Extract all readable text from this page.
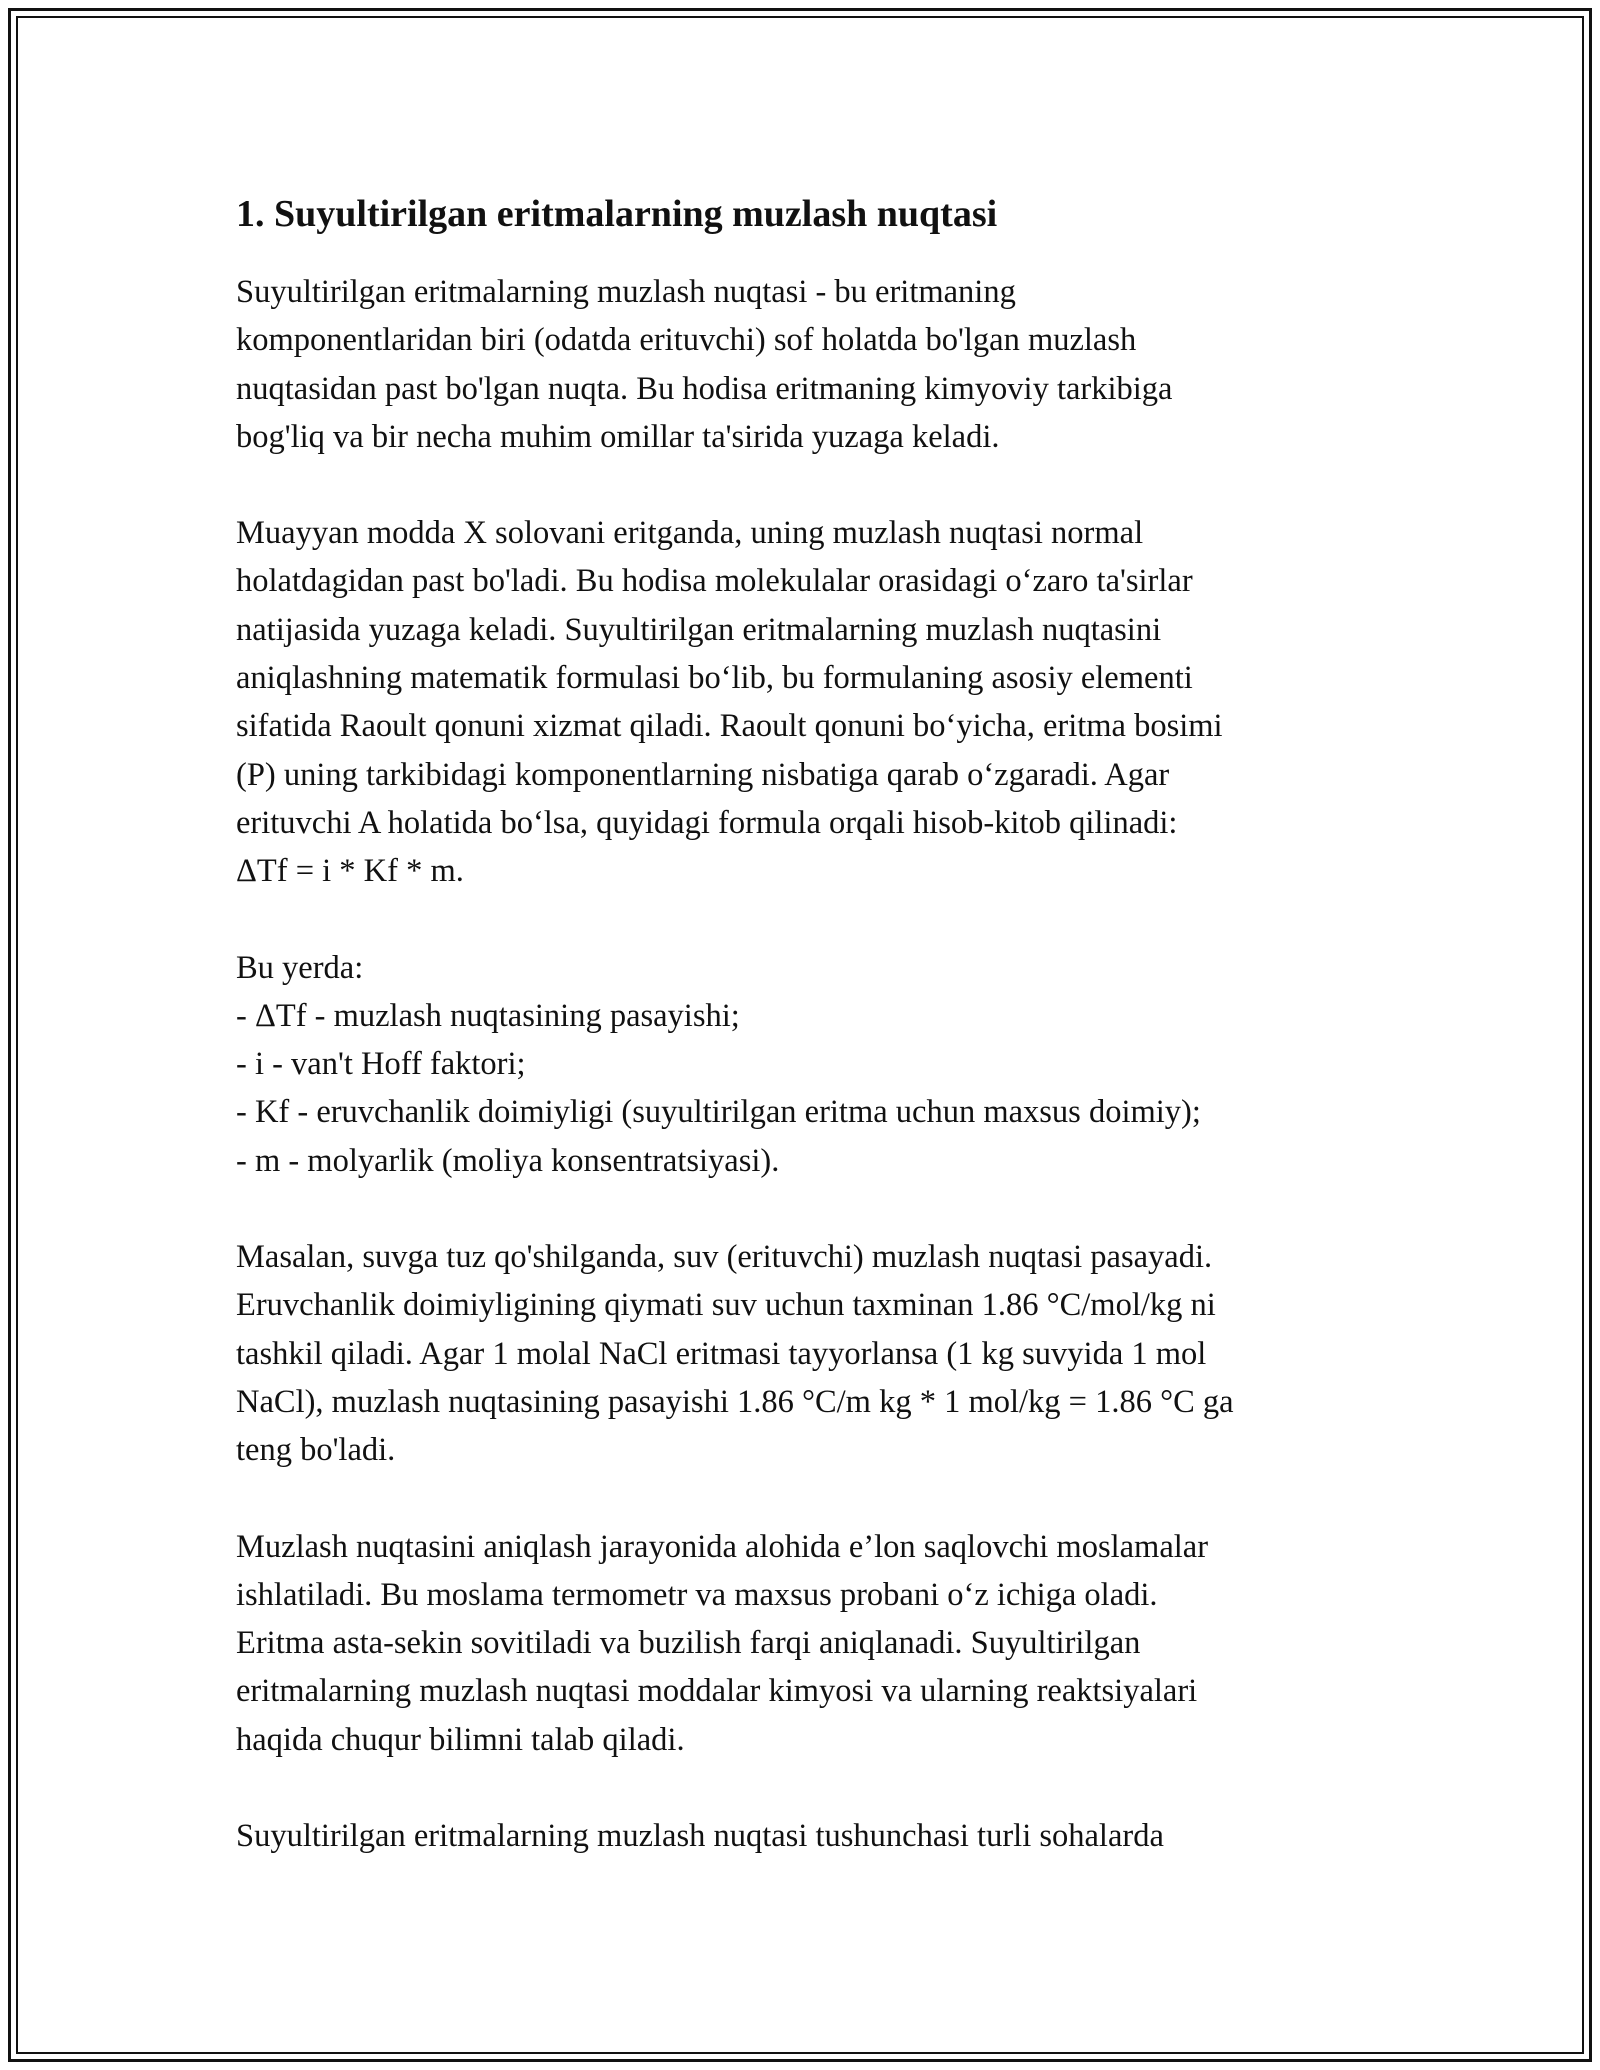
1. Suyultirilgan eritmalarning muzlash nuqtasi

Suyultirilgan eritmalarning muzlash nuqtasi - bu eritmaning
komponentlaridan biri (odatda erituvchi) sof holatda bo'lgan muzlash
nuqtasidan past bo'lgan nuqta. Bu hodisa eritmaning kimyoviy tarkibiga
bog'liq va bir necha muhim omillar ta'sirida yuzaga keladi.

Muayyan modda X solovani eritganda, uning muzlash nuqtasi normal
holatdagidan past bo'ladi. Bu hodisa molekulalar orasidagi o‘zaro ta'sirlar
natijasida yuzaga keladi. Suyultirilgan eritmalarning muzlash nuqtasini
aniqlashning matematik formulasi bo‘lib, bu formulaning asosiy elementi
sifatida Raoult qonuni xizmat qiladi. Raoult qonuni bo‘yicha, eritma bosimi
(P) uning tarkibidagi komponentlarning nisbatiga qarab o‘zgaradi. Agar
erituvchi A holatida bo‘lsa, quyidagi formula orqali hisob-kitob qilinadi:
ΔTf = i * Kf * m.

Bu yerda:
- ΔTf - muzlash nuqtasining pasayishi;
- i - van't Hoff faktori;
- Kf - eruvchanlik doimiyligi (suyultirilgan eritma uchun maxsus doimiy);
- m - molyarlik (moliya konsentratsiyasi).

Masalan, suvga tuz qo'shilganda, suv (erituvchi) muzlash nuqtasi pasayadi.
Eruvchanlik doimiyligining qiymati suv uchun taxminan 1.86 °C/mol/kg ni
tashkil qiladi. Agar 1 molal NaCl eritmasi tayyorlansa (1 kg suvyida 1 mol
NaCl), muzlash nuqtasining pasayishi 1.86 °C/m kg * 1 mol/kg = 1.86 °C ga
teng bo'ladi.

Muzlash nuqtasini aniqlash jarayonida alohida e’lon saqlovchi moslamalar
ishlatiladi. Bu moslama termometr va maxsus probani o‘z ichiga oladi.
Eritma asta-sekin sovitiladi va buzilish farqi aniqlanadi. Suyultirilgan
eritmalarning muzlash nuqtasi moddalar kimyosi va ularning reaktsiyalari
haqida chuqur bilimni talab qiladi.

Suyultirilgan eritmalarning muzlash nuqtasi tushunchasi turli sohalarda
